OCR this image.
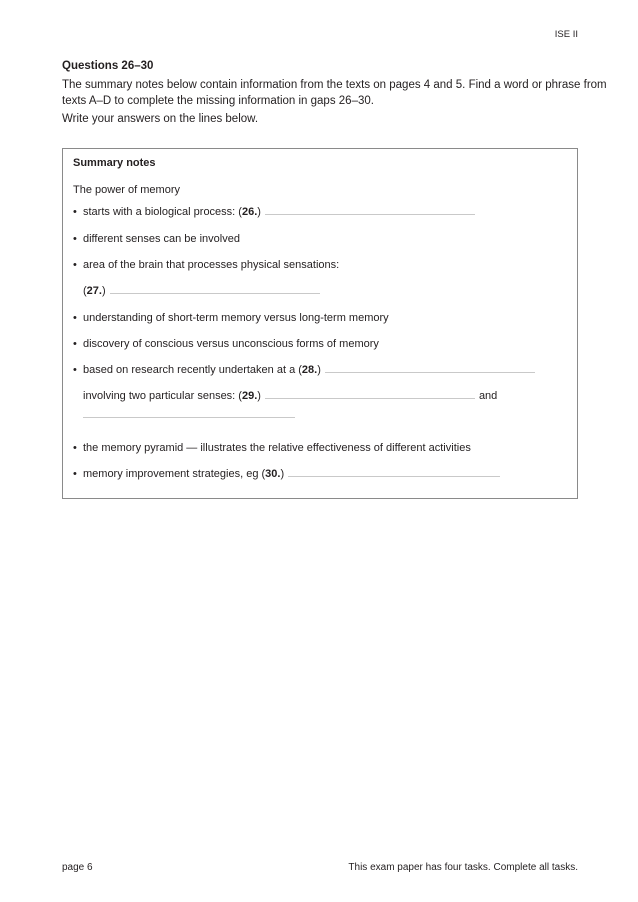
ISE II
Questions 26–30
The summary notes below contain information from the texts on pages 4 and 5. Find a word or phrase from texts A–D to complete the missing information in gaps 26–30.
Write your answers on the lines below.
Summary notes
The power of memory
• starts with a biological process: ( 26. )
• different senses can be involved
• area of the brain that processes physical sensations:
( 27. )
• understanding of short-term memory versus long-term memory
• discovery of conscious versus unconscious forms of memory
• based on research recently undertaken at a ( 28. )
involving two particular senses: ( 29. )	and
• the memory pyramid — illustrates the relative effectiveness of different activities
• memory improvement strategies, eg ( 30. )
page 6	This exam paper has four tasks. Complete all tasks.
